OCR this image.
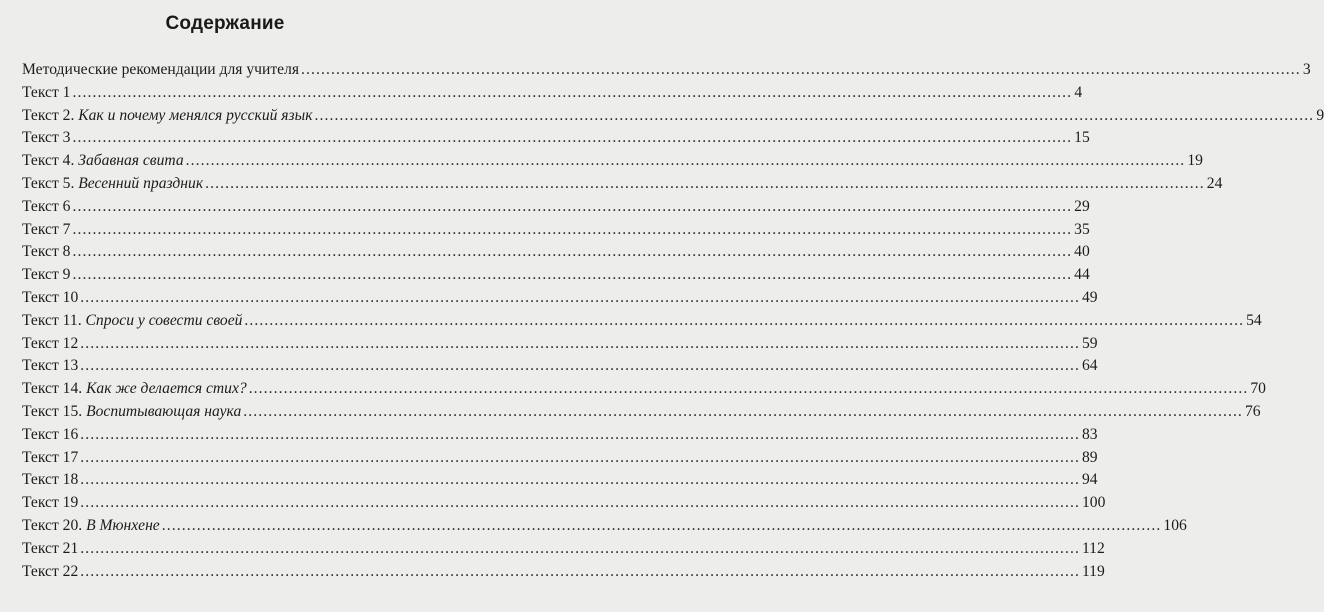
Содержание
Методические рекомендации для учителя ........................................................................................................................................................................................................ 3
Текст 1 ........................................................................................................................................................................................................ 4
Текст 2. Как и почему менялся русский язык ........................................................................................................................................................................................................ 9
Текст 3 ........................................................................................................................................................................................................ 15
Текст 4. Забавная свита ........................................................................................................................................................................................................ 19
Текст 5. Весенний праздник ........................................................................................................................................................................................................ 24
Текст 6 ........................................................................................................................................................................................................ 29
Текст 7 ........................................................................................................................................................................................................ 35
Текст 8 ........................................................................................................................................................................................................ 40
Текст 9 ........................................................................................................................................................................................................ 44
Текст 10 ........................................................................................................................................................................................................ 49
Текст 11. Спроси у совести своей ........................................................................................................................................................................................................ 54
Текст 12 ........................................................................................................................................................................................................ 59
Текст 13 ........................................................................................................................................................................................................ 64
Текст 14. Как же делается стих? ........................................................................................................................................................................................................ 70
Текст 15. Воспитывающая наука ........................................................................................................................................................................................................ 76
Текст 16 ........................................................................................................................................................................................................ 83
Текст 17 ........................................................................................................................................................................................................ 89
Текст 18 ........................................................................................................................................................................................................ 94
Текст 19 ........................................................................................................................................................................................................ 100
Текст 20. В Мюнхене ........................................................................................................................................................................................................ 106
Текст 21 ........................................................................................................................................................................................................ 112
Текст 22 ........................................................................................................................................................................................................ 119
